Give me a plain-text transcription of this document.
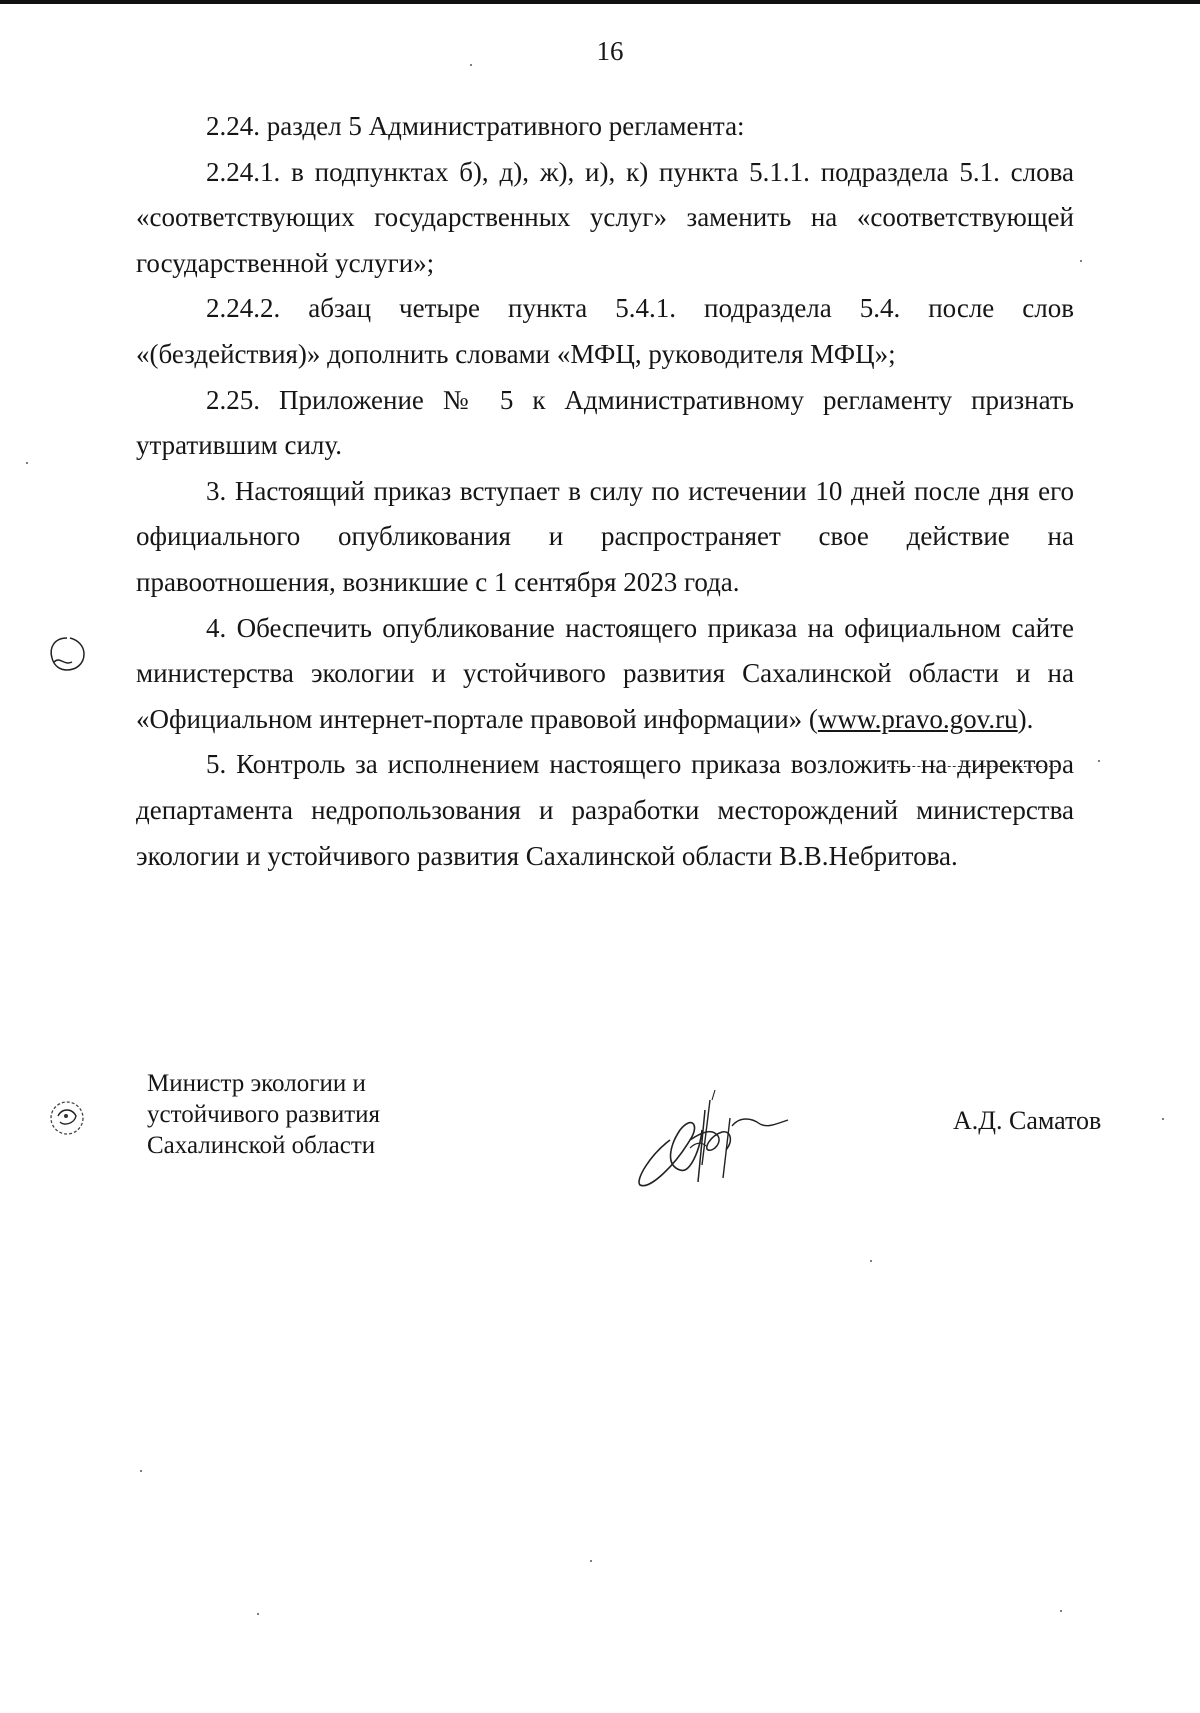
16

2.24. раздел 5 Административного регламента:

2.24.1. в подпунктах б), д), ж), и), к) пункта 5.1.1. подраздела 5.1. слова «соответствующих государственных услуг» заменить на «соответствующей государственной услуги»;

2.24.2. абзац четыре пункта 5.4.1. подраздела 5.4. после слов «(бездействия)» дополнить словами «МФЦ, руководителя МФЦ»;

2.25. Приложение № 5 к Административному регламенту признать утратившим силу.

3. Настоящий приказ вступает в силу по истечении 10 дней после дня его официального опубликования и распространяет свое действие на правоотношения, возникшие с 1 сентября 2023 года.

4. Обеспечить опубликование настоящего приказа на официальном сайте министерства экологии и устойчивого развития Сахалинской области и на «Официальном интернет-портале правовой информации» (www.pravo.gov.ru).

5. Контроль за исполнением настоящего приказа возложить на директора департамента недропользования и разработки месторождений министерства экологии и устойчивого развития Сахалинской области В.В.Небритова.

Министр экологии и
устойчивого развития
Сахалинской области
А.Д. Саматов
